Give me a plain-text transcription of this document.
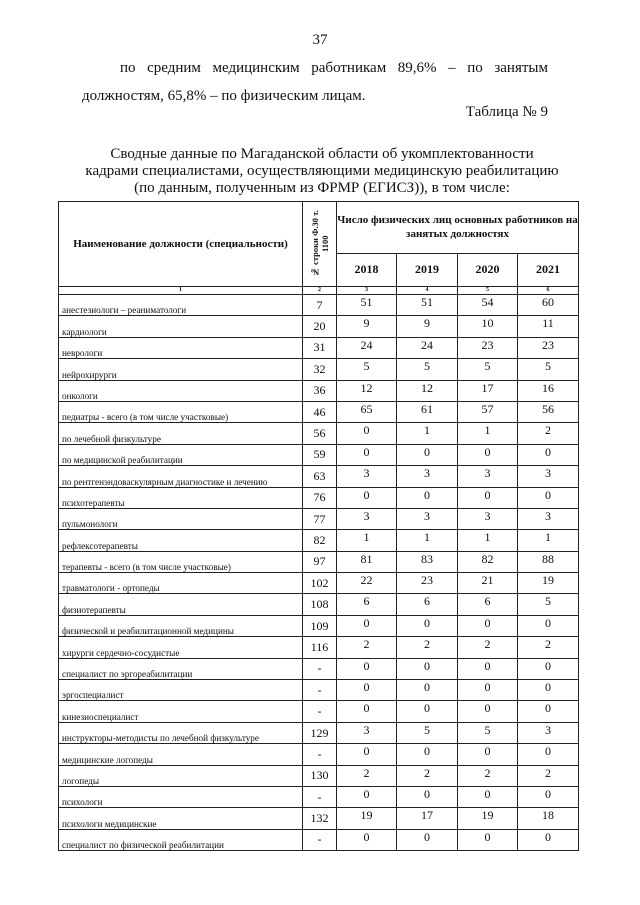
37
по средним медицинским работникам 89,6% – по занятым
должностям, 65,8% – по физическим лицам.
Таблица № 9
Сводные данные по Магаданской области об укомплектованности
кадрами специалистами, осуществляющими медицинскую реабилитацию
(по данным, полученным из ФРМР (ЕГИСЗ)), в том числе:
Наименование должности (специальности)	№ строки Ф.30 т. 1100	Число физических лиц основных работников на занятых должностях			
		2018	2019	2020	2021
1	2	3	4	5	6
анестезиологи – реаниматологи	7	51	51	54	60
кардиологи	20	9	9	10	11
неврологи	31	24	24	23	23
нейрохирурги	32	5	5	5	5
онкологи	36	12	12	17	16
педиатры - всего (в том числе участковые)	46	65	61	57	56
по лечебной физкультуре	56	0	1	1	2
по медицинской реабилитации	59	0	0	0	0
по рентгенэндоваскулярным диагностике и лечению	63	3	3	3	3
психотерапевты	76	0	0	0	0
пульмонологи	77	3	3	3	3
рефлексотерапевты	82	1	1	1	1
терапевты - всего (в том числе участковые)	97	81	83	82	88
травматологи - ортопеды	102	22	23	21	19
физиотерапевты	108	6	6	6	5
физической и реабилитационной медицины	109	0	0	0	0
хирурги сердечно-сосудистые	116	2	2	2	2
специалист по эргореабилитации	-	0	0	0	0
эргоспециалист	-	0	0	0	0
кинезиоспециалист	-	0	0	0	0
инструкторы-методисты по лечебной физкультуре	129	3	5	5	3
медицинские логопеды	-	0	0	0	0
логопеды	130	2	2	2	2
психологи	-	0	0	0	0
психологи медицинские	132	19	17	19	18
специалист по физической реабилитации	-	0	0	0	0
